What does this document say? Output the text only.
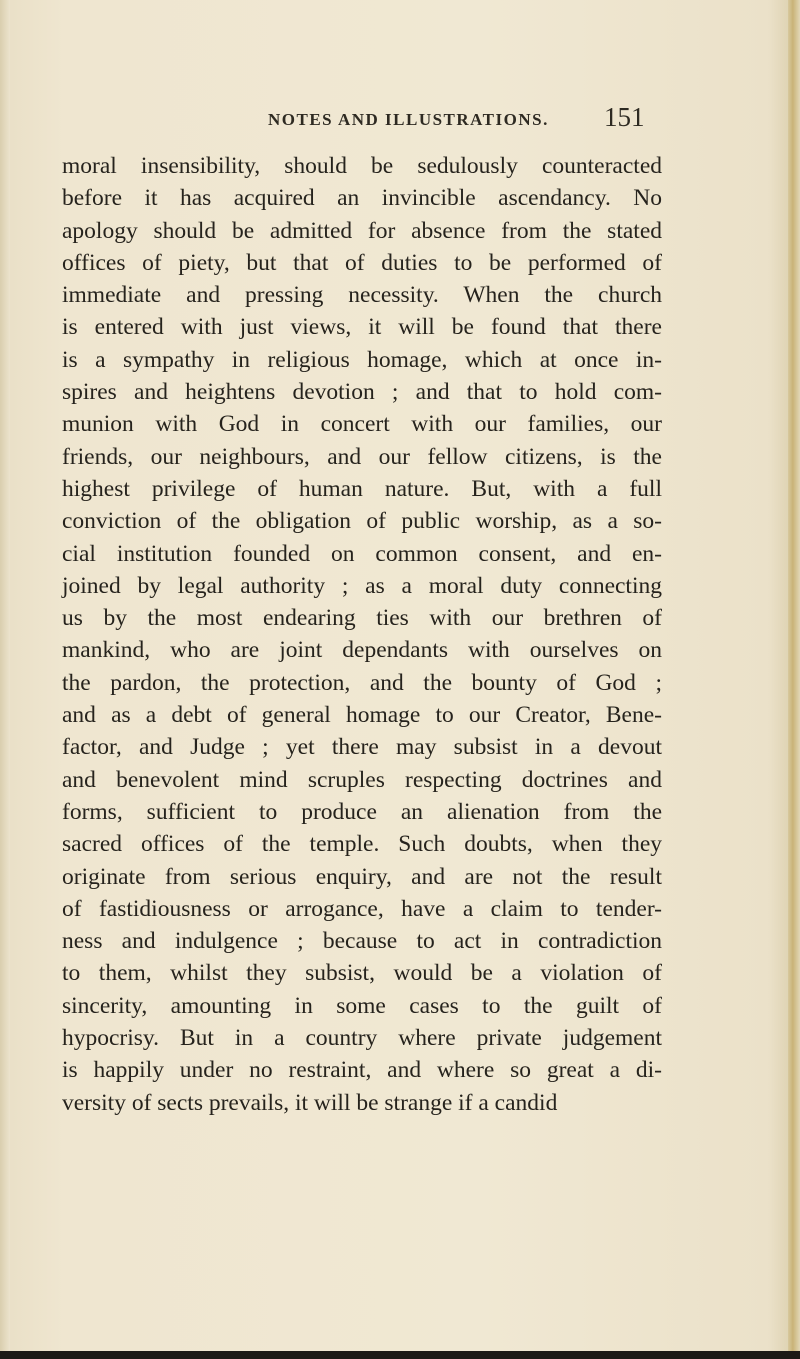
NOTES AND ILLUSTRATIONS. 151
moral insensibility, should be sedulously counteracted
before it has acquired an invincible ascendancy. No
apology should be admitted for absence from the stated
offices of piety, but that of duties to be performed of
immediate and pressing necessity. When the church
is entered with just views, it will be found that there
is a sympathy in religious homage, which at once in-
spires and heightens devotion ; and that to hold com-
munion with God in concert with our families, our
friends, our neighbours, and our fellow citizens, is the
highest privilege of human nature. But, with a full
conviction of the obligation of public worship, as a so-
cial institution founded on common consent, and en-
joined by legal authority ; as a moral duty connecting
us by the most endearing ties with our brethren of
mankind, who are joint dependants with ourselves on
the pardon, the protection, and the bounty of God ;
and as a debt of general homage to our Creator, Bene-
factor, and Judge ; yet there may subsist in a devout
and benevolent mind scruples respecting doctrines and
forms, sufficient to produce an alienation from the
sacred offices of the temple. Such doubts, when they
originate from serious enquiry, and are not the result
of fastidiousness or arrogance, have a claim to tender-
ness and indulgence ; because to act in contradiction
to them, whilst they subsist, would be a violation of
sincerity, amounting in some cases to the guilt of
hypocrisy. But in a country where private judgement
is happily under no restraint, and where so great a di-
versity of sects prevails, it will be strange if a candid
